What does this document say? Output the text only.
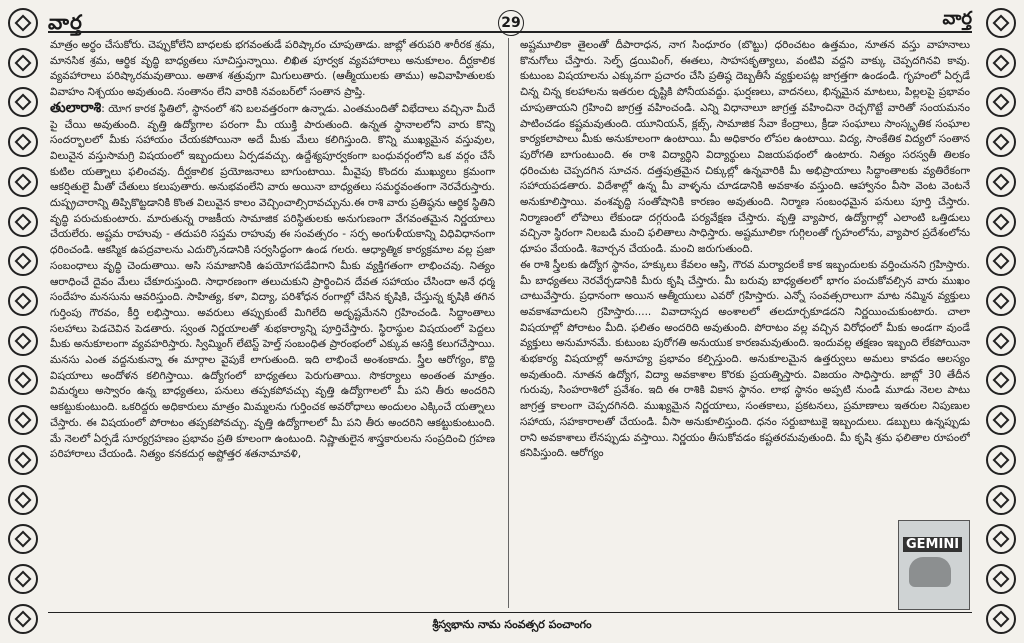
వార్త	29	వార్త

మాత్రం అర్థం చేసుకోరు. చెప్పుకోలేని బాధలకు భగవంతుడే పరిష్కారం చూపుతాడు. జాబ్లో తరుపరి శారీరక శ్రమ, మానసిక శ్రమ, ఆర్థిక వృద్ధి బాధ్యతలు సూచిస్తున్నాయి. లిఖిత పూర్వక వ్యవహారాలు అనుకూలం. దీర్ఘకాలిక వ్యవహారాలు పరిష్కారమవుతాయి. అతాశ శత్రువుగా మిగులుతారు. (ఆత్మీయులకు తాము) అవివాహితులకు వివాహం నిశ్చయం అవుతుంది. సంతానం లేని వారికి నవంబర్‌లో సంతాన ప్రాప్తి.

తులారాశి: యోగ కారక స్థితిలో, స్థానంలో శని బలవత్తరంగా ఉన్నాడు. ఎంతమందితో విభేదాలు వచ్చినా మీదే పై చేయి అవుతుంది. వృత్తి ఉద్యోగాల పరంగా మీ యుక్తి పారుతుంది. ఉన్నత స్థానాలలోని వారు కొన్ని సందర్భాలలో మీకు సహాయం చేయకపోయినా అదే మీకు మేలు కలిగిస్తుంది. కొన్ని ముఖ్యమైన వస్తువుల, విలువైన వస్తుసామగ్రి విషయంలో ఇబ్బందులు ఏర్పడవచ్చు. ఉద్దేశ్యపూర్వకంగా బంధువర్గంలోని ఒక వర్గం చేసే కుటిల యత్నాలు ఫలించవు. దీర్ఘకాలిక ప్రయోజనాలు బాగుంటాయి. మీవైపు కొందరు ముఖ్యులు క్రమంగా ఆకర్షితులై మీతో చేతులు కలుపుతారు. అనుభవంలేని వారు అయినా బాధ్యతలు సమర్థవంతంగా నెరవేరుస్తారు. దుష్ప్రచారాన్ని తిప్పికొట్టడానికి కొంత విలువైన కాలం వెచ్చించాల్సిరావచ్చును.ఈ రాశి వారు ప్రతిష్ఠను ఆర్థిక స్థితిని వృద్ధి పరుచుకుంటారు. మారుతున్న రాజకీయ సామాజిక పరిస్థితులకు అనుగుణంగా వేగవంతమైన నిర్ణయాలు చేయలేరు. అష్టమ రాహువు - తదుపరి సప్తమ రాహువు ఈ సంవత్సరం - సర్ప అంగుళీయకాన్ని విధివిధానంగా ధరించండి. ఆకస్మిక ఉపద్రవాలను ఎదుర్కొనడానికి సర్వసిద్ధంగా ఉండ గలరు. ఆధ్యాత్మిక కార్యక్రమాల వల్ల ప్రజా సంబంధాలు వృద్ధి చెందుతాయి. అసి సమాజానికి ఉపయోగపడేవిగాని మీకు వ్యక్తిగతంగా లాభించవు. నిత్యం ఆరాధించే దైవం మేలు చేకూరుస్తుంది. సాధారణంగా తలుచుకుని ప్రార్థించిన దేవత సహాయం చేసిందా అనే ధర్మ సందేహం మనసును ఆవరిస్తుంది. సాహిత్య, కళా, విద్యా, పరిశోధన రంగాల్లో చేసిన కృషికి, చేస్తున్న కృషికి తగిన గుర్తింపు గౌరవం, కీర్తి లభిస్తాయి. అవరులు తప్పుకుంటే మిగిలేది అదృష్టమేనని గ్రహించండి. సిద్ధాంతాలు సలహాలు పెడచెవిన పెడతారు. స్వంత నిర్ణయాలతో శుభకార్యాన్ని పూర్తిచేస్తారు. స్థిరాస్థుల విషయంలో పెద్దలు మీకు అనుకూలంగా వ్యవహరిస్తారు. స్విమ్మింగ్ లేటెస్ట్ హెల్త్ సంబంధిత ప్రారంభంలో ఎక్కువ ఆసక్తి కలుగచేస్తాయి. మనసు ఎంత వద్దనుకున్నా ఈ మార్గాల వైపుకే లాగుతుంది. ఇది లాభించే అంశంకాదు. స్త్రీల ఆరోగ్యం, కొద్ది విషయాలు అందోళన కలిగిస్తాయి. ఉద్యోగంలో బాధ్యతలు పెరుగుతాయి. సొకర్యాలు అంతంత మాత్రం. విమర్శలు అస్వారం ఉన్న బాధ్యతలు, పనులు తప్పకపోవచ్చు వృత్తి ఉద్యోగాలలో మీ పని తీరు అందరిని ఆకట్టుకుంటుంది. ఒకరిద్దరు అధికారులు మాత్రం మిమ్మలను గుర్తించక అవరోధాలు అందులం ఎక్కించే యత్నాలు చేస్తారు. ఈ విషయంలో పోరాటం తప్పకపోవచ్చు. వృత్తి ఉద్యోగాలలో మీ పని తీరు అందరిని ఆకట్టుకుంటుంది. మే నెలలో ఏర్పడే సూర్యగ్రహణం ప్రభావం ప్రతి కూలంగా ఉంటుంది. నిష్ణాతులైన శాస్త్రకారులను సంప్రదించి గ్రహణ పరిహారాలు చేయండి. నిత్యం కనకదుర్గ అష్టోత్తర శతనామావళి,

అష్టమూలికా తైలంతో దీపారాధన, నాగ సింధూరం (బొట్టు) ధరించటం ఉత్తమం, నూతన వస్తు వాహనాలు కొనుగోలు చేస్తారు. సెల్ఫ్ డ్రయివింగ్, ఈతలు, సాహసకృత్యాలు, వంటివి వద్దని వాక్కు చెప్పదగినవి కావు. కుటుంబ విషయాలను ఎక్కువగా ప్రచారం చేసి ప్రతిష్ఠ దెబ్బతీసే వ్యక్తులపట్ల జాగ్రత్తగా ఉండండి. గృహంలో ఏర్పడే చిన్న చిన్న కలహాలను ఇతరుల దృష్టికి పోనీయవద్దు. ఘర్షణలు, వాదనలు, భిన్నమైన మాటలు, పిల్లలపై ప్రభావం చూపుతాయని గ్రహించి జాగ్రత్త వహించండి. ఎన్ని విధానాలూ జాగ్రత్త వహించినా రెచ్చగొట్టే వారితో సంయమనం పాటించడం కష్టమవుతుంది. యూనియన్, క్లబ్స్, సామాజిక సేవా కేంద్రాలు, క్రీడా సంఘాలు సాంస్కృతిక సంఘాల కార్యకలాపాలు మీకు అనుకూలంగా ఉంటాయి. మీ అధికారం లోపల ఉంటాయి. విద్య, సాంకేతిక విద్యలో సంతాన పురోగతి బాగుంటుంది. ఈ రాశి విద్యార్థిని విద్యార్థులు విజయపథంలో ఉంటారు. నిత్యం సరస్వతీ తిలకం ధరించుట చెప్పదగిన సూచన. దత్తపుత్రమైన చిక్కుల్లో ఉన్నవారికి మీ అభిప్రాయాలు సిద్ధాంతాలకు వ్యతిరేకంగా సహాయపడతారు. విదేశాల్లో ఉన్న మీ వాళ్ళను చూడడానికి అవకాశం వస్తుంది. ఆహ్వానం వీసా వెంట వెంటనే అనుకూలిస్తాయి. వంశవృద్ధి సంతోషానికి కారణం అవుతుంది. నిర్మాణ సంబంధమైన పనులు పూర్తి చేస్తారు. నిర్మాణంలో లోపాలు లేకుండా దగ్గరుండి పర్యవేక్షణ చేస్తారు. వృత్తి వ్యాపార, ఉద్యోగాల్లో ఎలాంటి ఒత్తిడులు వచ్చినా స్థిరంగా నిలబడి మంచి ఫలితాలు సాధిస్తారు. అష్టమూలికా గుగ్గిలంతో గృహంలోను, వ్యాపార ప్రదేశంలోను ధూపం వేయండి. శివార్చన చేయండి. మంచి జరుగుతుంది.

ఈ రాశి స్త్రీలకు ఉద్యోగ స్థానం, హక్కులు కేవలం ఆస్తి, గౌరవ మర్యాదలకే కాక ఇబ్బందులకు వర్తించునని గ్రహిస్తారు. మీ బాధ్యతలు నెరవేర్చడానికి మీరు కృషి చేస్తారు. మీ బరువు బాధ్యతలలో భాగం పంచుకోవల్సిన వారు ముఖం చాటువేస్తారు. ప్రధానంగా అయిన ఆత్మీయులు ఎవరో గ్రహిస్తారు. ఎన్నో సంవత్సరాలుగా మాట నమ్మిన వ్యక్తులు అవకాశవాదులని గ్రహిస్తారు..... వివాదాస్పద అంశాలలో తలదూర్చకూడదని నిర్ణయించుకుంటారు. చాలా విషయాల్లో పోరాటం మీది. ఫలితం అందరిది అవుతుంది. పోరాటం వల్ల వచ్చిన విరోధంలో మీకు అండగా వుండే వ్యక్తులు అనుమానమే. కుటుంబ పురోగతి అనుయుక కారణమవుతుంది. ఇందువల్ల తక్షణం ఇబ్బంది లేకపోయినా శుభకార్య విషయాల్లో అనూహ్య ప్రభావం కల్పిస్తుంది. అనుకూలమైన ఉత్తర్వులు అమలు కావడం ఆలస్యం అవుతుంది. నూతన ఉద్యోగ, విద్యా అవకాశాల కొరకు ప్రయత్నిస్తారు. విజయం సాధిస్తారు. జాబ్లో 30 తేదీన గురువు, సింహరాశిలో ప్రవేశం. ఇది ఈ రాశికి వికాస స్థానం. లాభ స్థానం అప్పటి నుండి మూడు నెలల పాటు జాగ్రత్త కాలంగా చెప్పదగినది. ముఖ్యమైన నిర్ణయాలు, సంతకాలు, ప్రకటనలు, ప్రమాణాలు ఇతరుల నిపుణుల సహాయ, సహకారాలతో చేయండి. వీసా అనుకూలిస్తుంది. ధనం సర్దుబాటుకై ఇబ్బందులు. డబ్బులు ఉన్నప్పుడు రాని అవకాశాలు లేనప్పుడు వస్తాయి. నిర్ణయం తీసుకోవడం కష్టతరమవుతుంది. మీ కృషి శ్రమ ఫలితాల రూపంలో కనిపిస్తుంది. ఆరోగ్యం

GEMINI
శ్రీస్వభాను నామ సంవత్సర పంచాంగం
